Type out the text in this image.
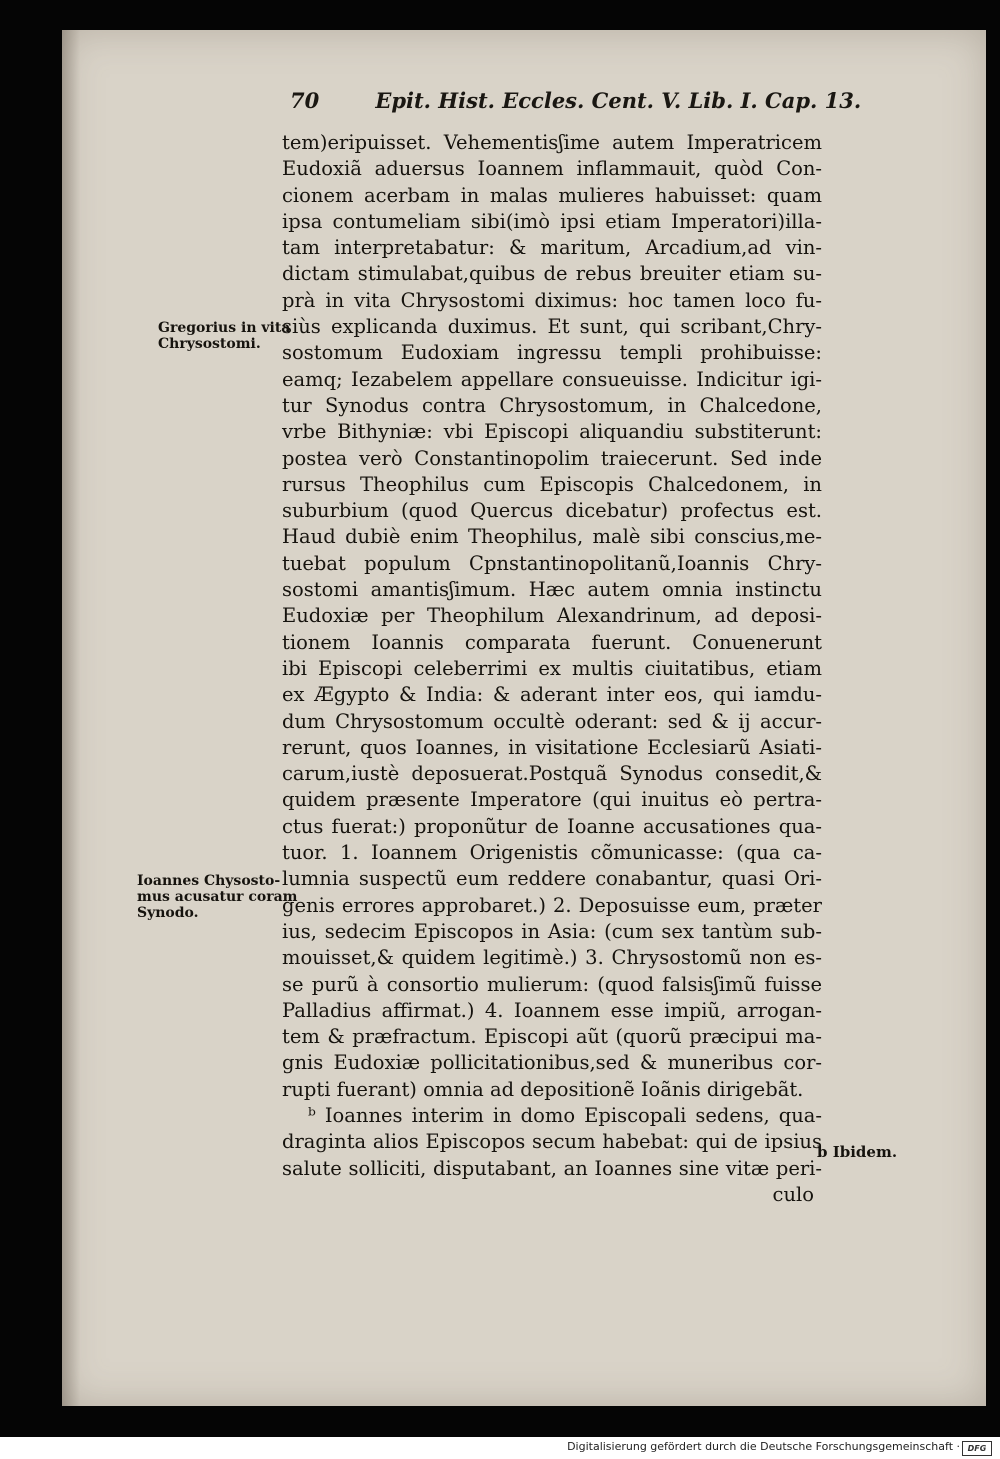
70	Epit. Hist. Eccles. Cent. V. Lib. I. Cap. 13.
Gregorius in vita
Chrysostomi.
Ioannes Chysosto-
mus acusatur coram
Synodo.
b Ibidem.
tem)eripuisset. Vehementisʃime autem Imperatricem
Eudoxiã aduersus Ioannem inflammauit, quòd Con-
cionem acerbam in malas mulieres habuisset: quam
ipsa contumeliam sibi(imò ipsi etiam Imperatori)illa-
tam interpretabatur: & maritum, Arcadium,ad vin-
dictam stimulabat,quibus de rebus breuiter etiam su-
prà in vita Chrysostomi diximus: hoc tamen loco fu-
siùs explicanda duximus. Et sunt, qui scribant,Chry-
sostomum Eudoxiam ingressu templi prohibuisse:
eamq; Iezabelem appellare consueuisse. Indicitur igi-
tur Synodus contra Chrysostomum, in Chalcedone,
vrbe Bithyniæ: vbi Episcopi aliquandiu substiterunt:
postea verò Constantinopolim traiecerunt. Sed inde
rursus Theophilus cum Episcopis Chalcedonem, in
suburbium (quod Quercus dicebatur) profectus est.
Haud dubiè enim Theophilus, malè sibi conscius,me-
tuebat populum Cpnstantinopolitanũ,Ioannis Chry-
sostomi amantisʃimum. Hæc autem omnia instinctu
Eudoxiæ per Theophilum Alexandrinum, ad deposi-
tionem Ioannis comparata fuerunt. Conuenerunt
ibi Episcopi celeberrimi ex multis ciuitatibus, etiam
ex Ægypto & India: & aderant inter eos, qui iamdu-
dum Chrysostomum occultè oderant: sed & ij accur-
rerunt, quos Ioannes, in visitatione Ecclesiarũ Asiati-
carum,iustè deposuerat.Postquã Synodus consedit,&
quidem præsente Imperatore (qui inuitus eò pertra-
ctus fuerat:) proponũtur de Ioanne accusationes qua-
tuor. 1. Ioannem Origenistis cõmunicasse: (qua ca-
lumnia suspectũ eum reddere conabantur, quasi Ori-
genis errores approbaret.) 2. Deposuisse eum, præter
ius, sedecim Episcopos in Asia: (cum sex tantùm sub-
mouisset,& quidem legitimè.) 3. Chrysostomũ non es-
se purũ à consortio mulierum: (quod falsisʃimũ fuisse
Palladius affirmat.) 4. Ioannem esse impiũ, arrogan-
tem & præfractum. Episcopi aũt (quorũ præcipui ma-
gnis Eudoxiæ pollicitationibus,sed & muneribus cor-
rupti fuerant) omnia ad depositionẽ Ioãnis dirigebãt.
ᵇ Ioannes interim in domo Episcopali sedens, qua-
draginta alios Episcopos secum habebat: qui de ipsius
salute solliciti, disputabant, an Ioannes sine vitæ peri-
culo
Digitalisierung gefördert durch die Deutsche Forschungsgemeinschaft · DFG
